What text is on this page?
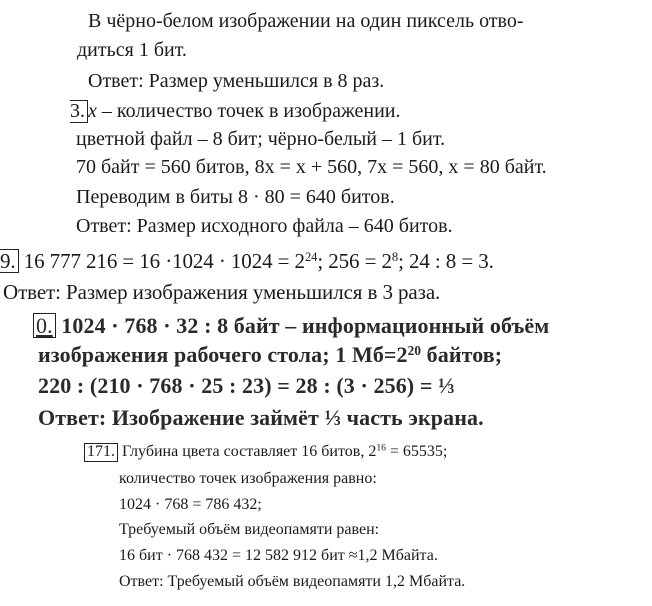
В чёрно-белом изображении на один пиксель отво-
диться 1 бит.
Ответ: Размер уменьшился в 8 раз.
3. x – количество точек в изображении.
цветной файл – 8 бит; чёрно-белый – 1 бит.
70 байт = 560 битов, 8x = x + 560, 7x = 560, x = 80 байт.
Переводим в биты 8 · 80 = 640 битов.
Ответ: Размер исходного файла – 640 битов.
9. 16 777 $216 = 16 \cdot 1024 \cdot 1024 = 2^{24}$; $256 = 2^8$; 24 : 8 = 3.
Ответ: Размер изображения уменьшился в 3 раза.
0. 1024 · 768 · 32 : 8 байт – информационный объём
изображения рабочего стола; 1 $Мб=2^{20}$ байтов;
220 : (210 · 768 · 25 : 23) = 28 : (3 · 256) = ⅓
Ответ: Изображение займёт ⅓ часть экрана.
171. Глубина цвета составляет 16 битов, $2^{16} = 65535$;
количество точек изображения равно:
1024 · 768 = 786 432;
Требуемый объём видеопамяти равен:
16 бит · 768 432 = 12 582 912 бит ≈1,2 Мбайта.
Ответ: Требуемый объём видеопамяти 1,2 Мбайта.
